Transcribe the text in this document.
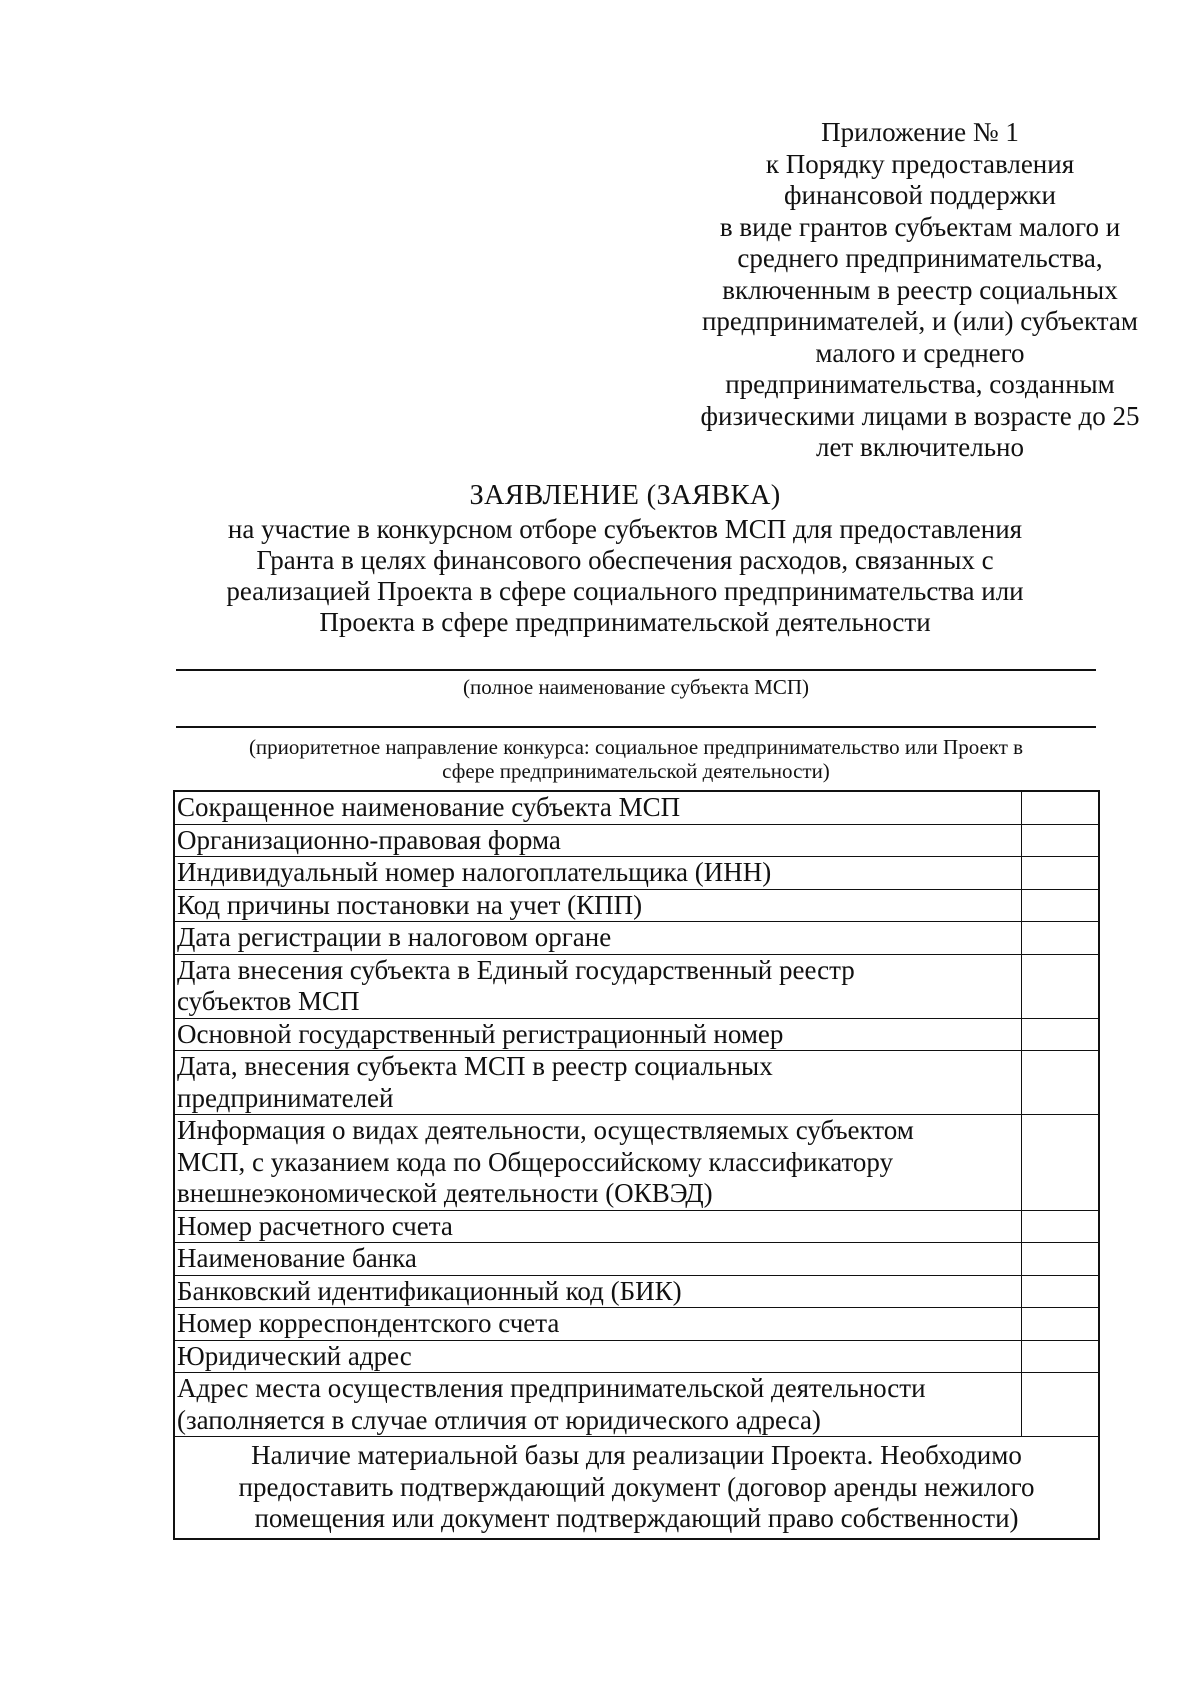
Приложение № 1
к Порядку предоставления
финансовой поддержки
в виде грантов субъектам малого и
среднего предпринимательства,
включенным в реестр социальных
предпринимателей, и (или) субъектам
малого и среднего
предпринимательства, созданным
физическими лицами в возрасте до 25
лет включительно
ЗАЯВЛЕНИЕ (ЗАЯВКА)
на участие в конкурсном отборе субъектов МСП для предоставления
Гранта в целях финансового обеспечения расходов, связанных с
реализацией Проекта в сфере социального предпринимательства или
Проекта в сфере предпринимательской деятельности
(полное наименование субъекта МСП)
(приоритетное направление конкурса: социальное предпринимательство или Проект в
сфере предпринимательской деятельности)
Сокращенное наименование субъекта МСП	

Организационно-правовая форма	

Индивидуальный номер налогоплательщика (ИНН)	

Код причины постановки на учет (КПП)	

Дата регистрации в налоговом органе	

Дата внесения субъекта в Единый государственный реестр
субъектов МСП	

Основной государственный регистрационный номер	

Дата, внесения субъекта МСП в реестр социальных
предпринимателей	

Информация о видах деятельности, осуществляемых субъектом
МСП, с указанием кода по Общероссийскому классификатору
внешнеэкономической деятельности (ОКВЭД)	

Номер расчетного счета	

Наименование банка	

Банковский идентификационный код (БИК)	

Номер корреспондентского счета	

Юридический адрес	

Адрес места осуществления предпринимательской деятельности
(заполняется в случае отличия от юридического адреса)	

Наличие материальной базы для реализации Проекта. Необходимо
предоставить подтверждающий документ (договор аренды нежилого
помещения или документ подтверждающий право собственности)	
